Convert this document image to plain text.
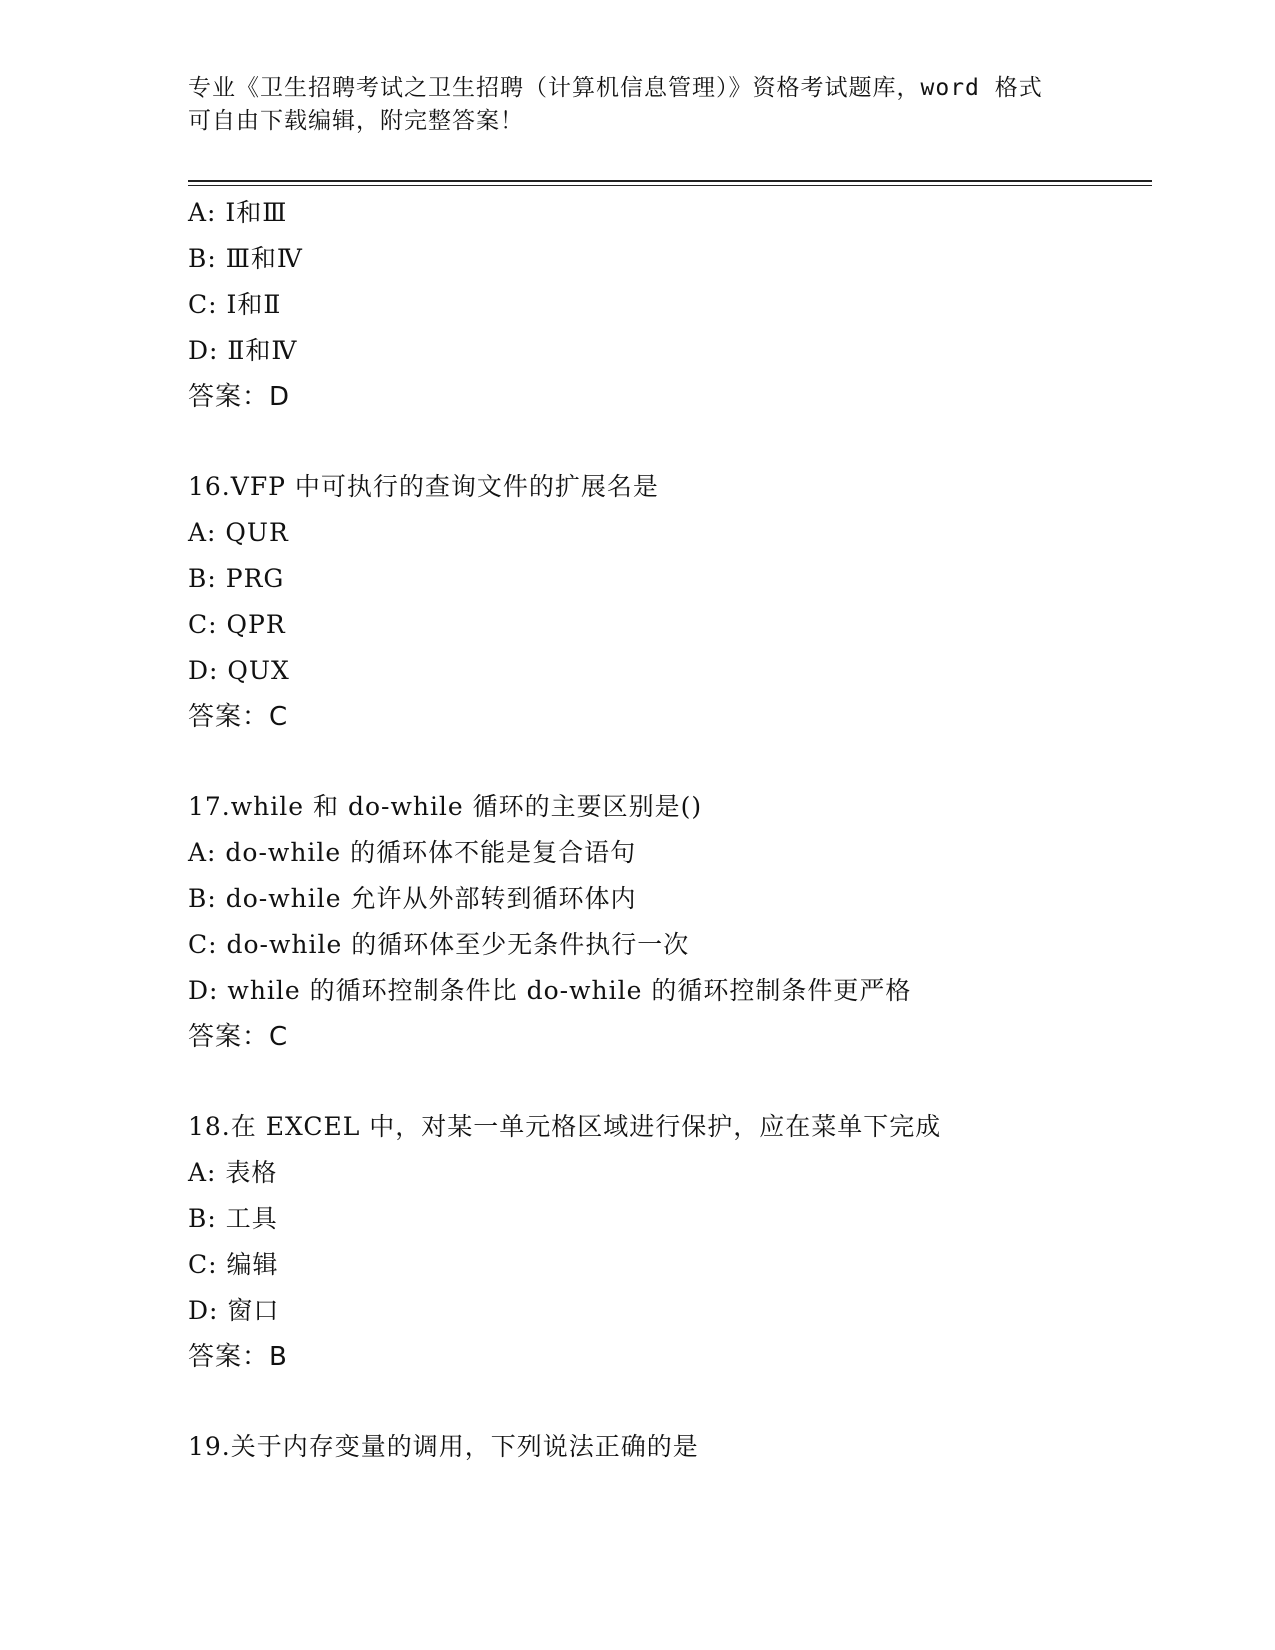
专业《卫生招聘考试之卫生招聘（计算机信息管理）》资格考试题库，word 格式
可自由下载编辑，附完整答案！
A: Ⅰ和Ⅲ
B: Ⅲ和Ⅳ
C: Ⅰ和Ⅱ
D: Ⅱ和Ⅳ
答案：D
16.VFP 中可执行的查询文件的扩展名是
A: QUR
B: PRG
C: QPR
D: QUX
答案：C
17.while 和 do-while 循环的主要区别是()
A: do-while 的循环体不能是复合语句
B: do-while 允许从外部转到循环体内
C: do-while 的循环体至少无条件执行一次
D: while 的循环控制条件比 do-while 的循环控制条件更严格
答案：C
18.在 EXCEL 中，对某一单元格区域进行保护，应在菜单下完成
A: 表格
B: 工具
C: 编辑
D: 窗口
答案：B
19.关于内存变量的调用，下列说法正确的是
